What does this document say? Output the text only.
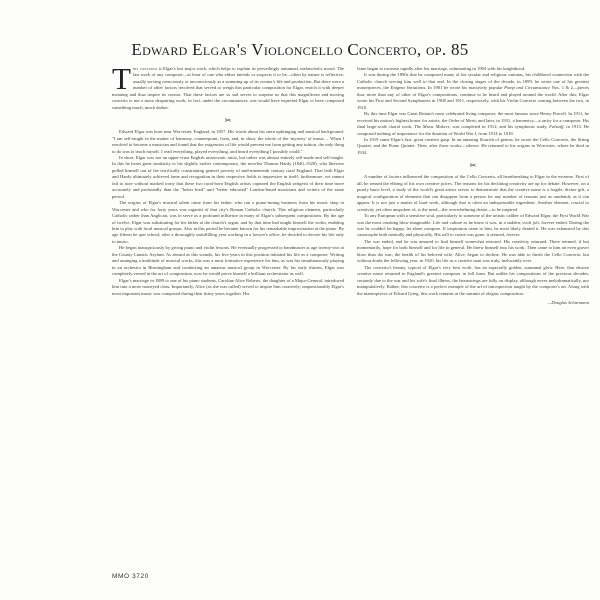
Edward Elgar's Violoncello Concerto, op. 85

This concerto is Elgar's last major work, which helps to explain its prevailingly autumnal, melancholic mood. The last work of any composer—at least of one who either intends or suspects it to be—often by nature is reflective, usually serving consciously or unconsciously as a summing up of its creator's life and production. But there were a number of other factors involved that served to weigh this particular composition for Elgar, enrich it with deeper meaning and thus inspire its creator. That these factors are so sad serves to surprise us that this magnificent and moving concerto is not a more despairing work; in fact, under the circumstances, one would have expected Elgar to have composed something much, much darker.

✂

Edward Elgar was born near Worcester, England, in 1857. His words about his stern upbringing and musical background: "I am self-taught in the matter of harmony, counterpoint, form, and, in short, the whole of the 'mystery' of music… When I resolved to become a musician and found that the exigencies of life would prevent me from getting any tuition, the only thing to do was to teach myself. I read everything, played everything, and heard everything I possibly could."

In short, Elgar was not an upper-crust English aristocratic artist, but rather was almost entirely self-made and self-taught. In this he bears great similarity to his slightly earlier contemporary, the novelist Thomas Hardy (1840–1928), who likewise pulled himself out of the terrifically constraining genteel poverty of mid-nineteenth century rural England. That both Elgar and Hardy ultimately achieved fame and recognition in their respective fields is impressive in itself; furthermore, we cannot fail to note without marked irony that these two rural-born English artists captured the English zeitgeist of their time more accurately and profoundly than the "better bred" and "better educated" London-based musicians and writers of the same period.

The origins of Elgar's musical talent came from his father, who ran a piano-tuning business from his music shop in Worcester and who for forty years was organist of that city's Roman Catholic church. This religious element, particularly Catholic rather than Anglican, was to serve as a profound influence in many of Elgar's subsequent compositions. By the age of twelve, Elgar was substituting for his father at the church's organ, and by that time had taught himself the violin, enabling him to play with local musical groups. Also in this period he became known for his remarkable improvisation at the piano. By age fifteen he quit school; after a thoroughly unfulfilling year working in a lawyer's office, he decided to devote his life only to music.

He began inauspiciously by giving piano and violin lessons. He eventually progressed to bandmaster at age twenty-two at the County Lunatic Asylum. As absurd as this sounds, his five years in this position initiated his life as a composer. Writing and arranging a multitude of musical works, this was a most formative experience for him, as was his simultaneously playing in an orchestra in Birmingham and conducting an amateur musical group in Worcester. By his early thirties, Elgar was completely versed in the art of composition, now he would prove himself a brilliant orchestrator as well.

Elgar's marriage in 1889 to one of his piano students, Caroline Alice Roberts, the daughter of a Major-General, introduced him into a more moneyed class. Importantly, Alice (as she was called) served to inspire him creatively; unquestionably Elgar's most important music was composed during their thirty years together. His

fame began to increase rapidly after his marriage, culminating in 1904 with his knighthood.

It was during the 1890s that he composed many of his secular and religious cantatas, his childhood connection with the Catholic church serving him well to that end. In the closing stages of the decade, in 1899, he wrote one of his greatest masterpieces, the Enigma Variations. In 1901 he wrote his massively popular Pomp and Circumstance Nos. 1 & 2—pieces that, more than any of other of Elgar's compositions, continue to be heard and played around the world. After this, Elgar wrote his First and Second Symphonies in 1908 and 1911, respectively, with his Violin Concerto coming between the two, in 1910.

By this time Elgar was Great Britain's most celebrated living composer, the most famous since Henry Purcell. In 1911, he received his nation's highest honor for artists, the Order of Merit, and later, in 1931, a baronetcy—a rarity for a composer. His final large-scale choral work, The Music Makers, was completed in 1912, and his symphonic study, Falstaff, in 1913. He composed nothing of importance for the duration of World War I, from 1914 to 1918.

In 1919 came Elgar's last, great creative gasp. In an amazing flourish of genius, he wrote the Cello Concerto, the String Quartet, and the Piano Quintet. Then, after these works—silence. He returned to his origins in Worcester, where he died in 1934.

✂

A number of factors influenced the composition of the Cello Concerto, all heartbreaking to Elgar in the extreme. First of all, he sensed the ebbing of his own creative juices. The reasons for his declining creativity are up for debate. However, on a purely basic level, a study of the world's great artists serves to demonstrate that the creative muse is a fragile, divine gift, a magical configuration of elements that can disappear from a person for any number of reasons just as randomly as it can appear. It is not just a matter of hard work, although that is often an indispensable ingredient. Another element, crucial to creativity yet often unspoken of, is the need—the overwhelming desire—to be inspired.

To any European with a sensitive soul, particularly to someone of the artistic caliber of Edward Elgar, the First World War was the most crushing blow imaginable. Life and culture as he knew it was, in a sudden, swift jolt, forever ended. During the war he couldn't be happy, let alone compose. If inspiration came to him, he most likely denied it. He was exhausted by this catastrophe both mentally and physically. His will to create was gone, it seemed, forever.

The war ended, and he was amazed to find himself somewhat restored. His creativity returned. There seemed, if but momentarily, hope for both himself and for life in general. He threw himself into his work. Then came to him an even graver blow than the war; the health of his beloved wife, Alice, began to decline. He was able to finish the Cello Concerto, but without doubt the following year, in 1920, his life as a creative man was truly, ineluctably over.

The concerto's beauty, typical of Elgar's very best work, has an especially golden, autumnal glow. Here, that elusive creative muse returned to England's greatest composer in full form. But unlike his compositions of the previous decades, certainly due to the war and his wife's final illness, the heartstrings are fully on display, although never melodramatically, nor manipulatively. Rather, this concerto is a perfect example of the art of introspection taught by the composer's art. Along with the masterpieces of Edvard Grieg, this work remains at the summit of elegiac composition.

—Douglas Scharmann
MMO 3720
